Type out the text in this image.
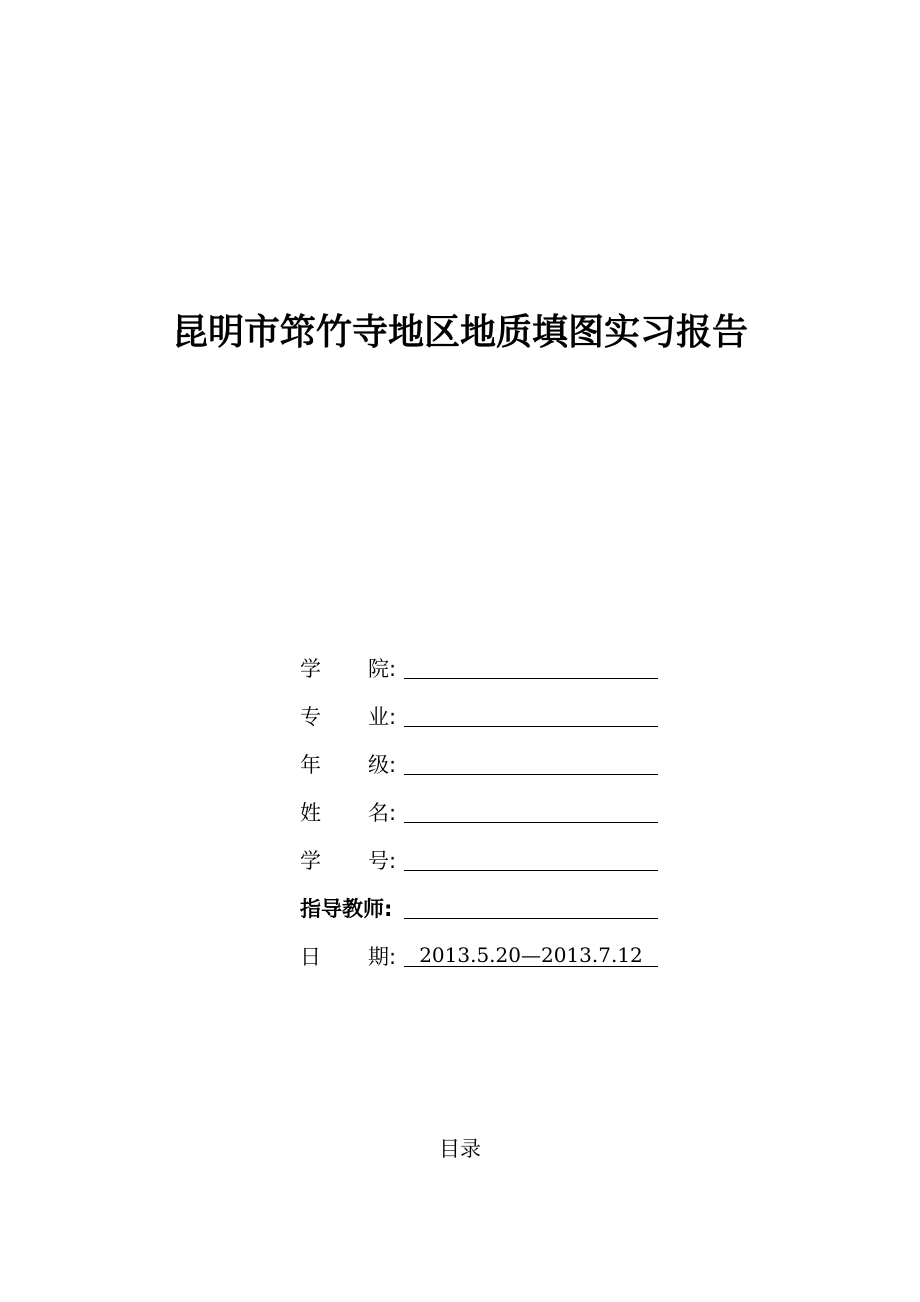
昆明市筇竹寺地区地质填图实习报告
学 院:
专 业:
年 级:
姓 名:
学 号:
指导教师:
日 期:	2013.5.20—2013.7.12
目录
